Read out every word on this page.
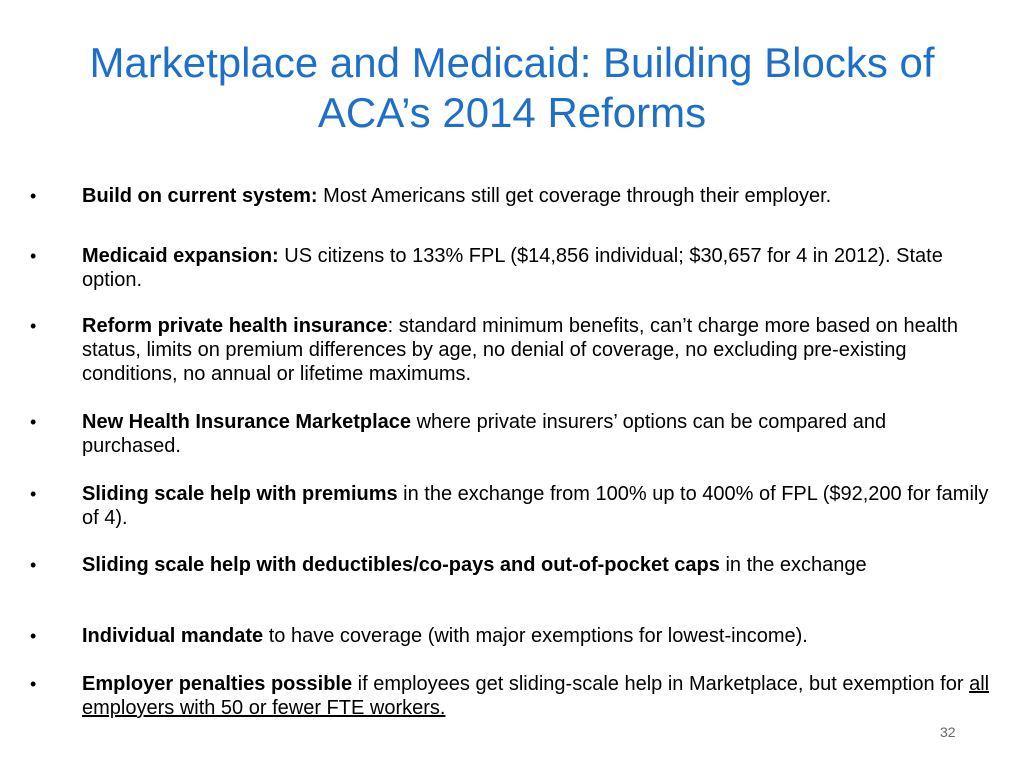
Marketplace and Medicaid: Building Blocks of
ACA’s 2014 Reforms
•	Build on current system: Most Americans still get coverage through their employer.
•	Medicaid expansion: US citizens to 133% FPL ($14,856 individual; $30,657 for 4 in 2012). State option.
•	Reform private health insurance: standard minimum benefits, can’t charge more based on health status, limits on premium differences by age, no denial of coverage, no excluding pre-existing conditions, no annual or lifetime maximums.
•	New Health Insurance Marketplace where private insurers’ options can be compared and purchased.
•	Sliding scale help with premiums in the exchange from 100% up to 400% of FPL ($92,200 for family of 4).
•	Sliding scale help with deductibles/co-pays and out-of-pocket caps in the exchange
•	Individual mandate to have coverage (with major exemptions for lowest-income).
•	Employer penalties possible if employees get sliding-scale help in Marketplace, but exemption for all employers with 50 or fewer FTE workers.
32
